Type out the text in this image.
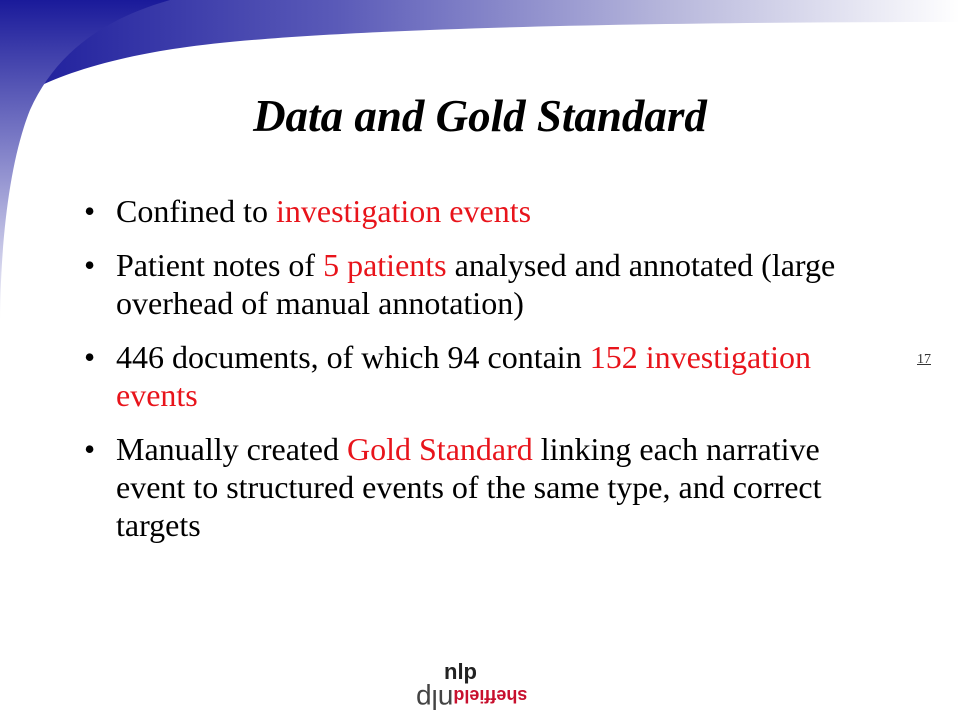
Data and Gold Standard
• Confined to investigation events
• Patient notes of 5 patients analysed and annotated (large overhead of manual annotation)
• 446 documents, of which 94 contain 152 investigation events
• Manually created Gold Standard linking each narrative event to structured events of the same type, and correct targets
17
nlp
sheffieldnlp
